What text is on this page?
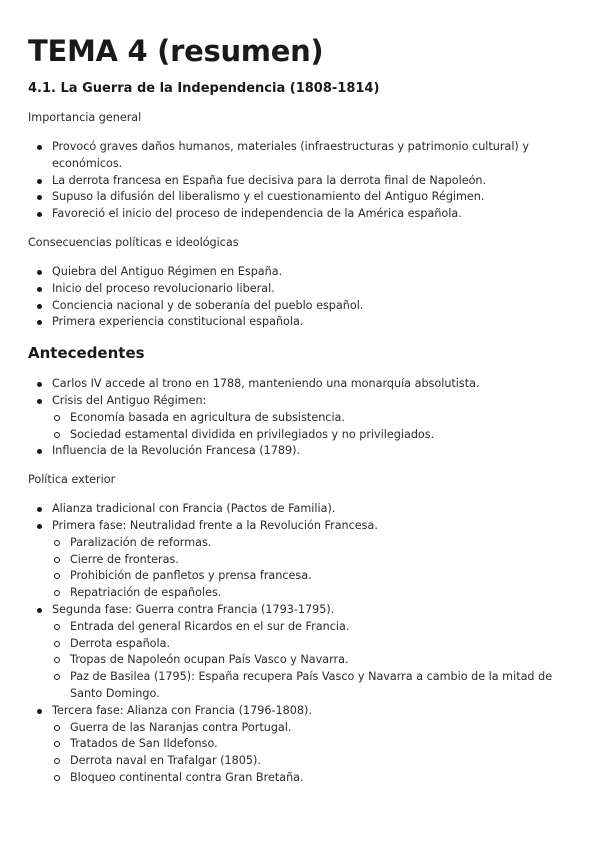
TEMA 4 (resumen)
4.1. La Guerra de la Independencia (1808-1814)

Importancia general

Provocó graves daños humanos, materiales (infraestructuras y patrimonio cultural) y económicos.
La derrota francesa en España fue decisiva para la derrota final de Napoleón.
Supuso la difusión del liberalismo y el cuestionamiento del Antiguo Régimen.
Favoreció el inicio del proceso de independencia de la América española.

Consecuencias políticas e ideológicas

Quiebra del Antiguo Régimen en España.
Inicio del proceso revolucionario liberal.
Conciencia nacional y de soberanía del pueblo español.
Primera experiencia constitucional española.
Antecedentes
Carlos IV accede al trono en 1788, manteniendo una monarquía absolutista.
Crisis del Antiguo Régimen:
Economía basada en agricultura de subsistencia.
Sociedad estamental dividida en privilegiados y no privilegiados.
Influencia de la Revolución Francesa (1789).

Política exterior

Alianza tradicional con Francia (Pactos de Familia).
Primera fase: Neutralidad frente a la Revolución Francesa.
Paralización de reformas.
Cierre de fronteras.
Prohibición de panfletos y prensa francesa.
Repatriación de españoles.
Segunda fase: Guerra contra Francia (1793-1795).
Entrada del general Ricardos en el sur de Francia.
Derrota española.
Tropas de Napoleón ocupan País Vasco y Navarra.
Paz de Basilea (1795): España recupera País Vasco y Navarra a cambio de la mitad de Santo Domingo.
Tercera fase: Alianza con Francia (1796-1808).
Guerra de las Naranjas contra Portugal.
Tratados de San Ildefonso.
Derrota naval en Trafalgar (1805).
Bloqueo continental contra Gran Bretaña.
